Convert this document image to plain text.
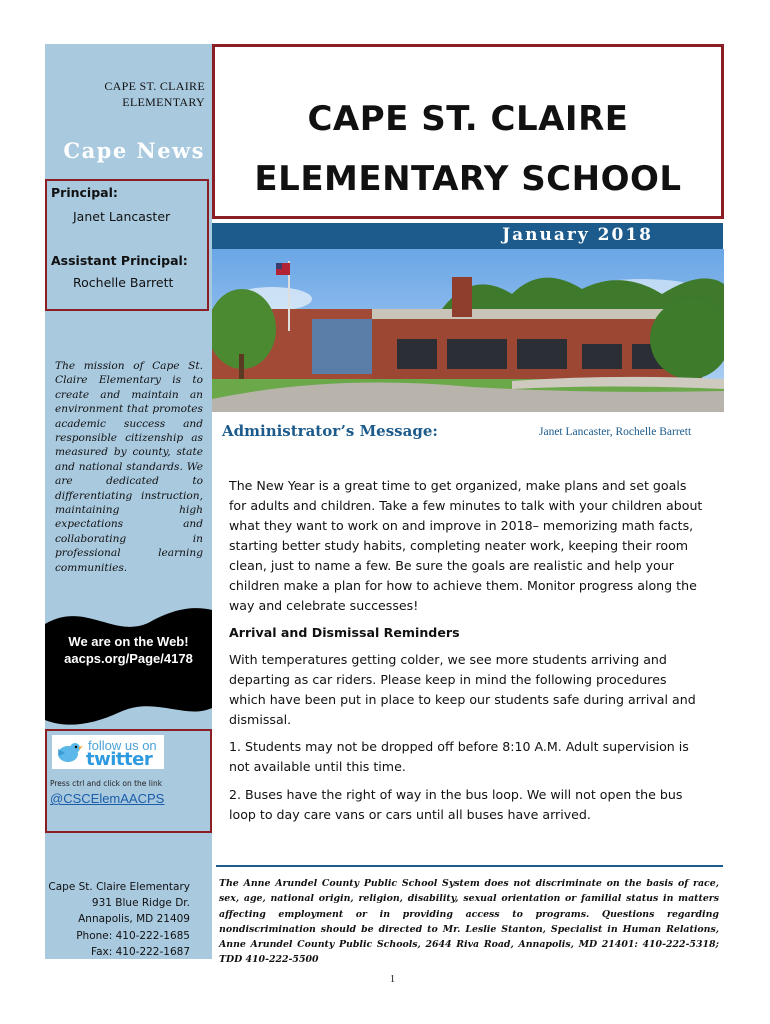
CAPE ST. CLAIRE
ELEMENTARY
Cape News
Principal:
Janet Lancaster
Assistant Principal:
Rochelle Barrett
The mission of Cape St. Claire Elementary is to create and maintain an environment that promotes academic success and responsible citizenship as measured by county, state and national standards. We are dedicated to differentiating instruction, maintaining high expectations and collaborating in professional learning communities.
We are on the Web!
aacps.org/Page/4178
follow us on
twitter
Press ctrl and click on the link
@CSCElemAACPS
Cape St. Claire Elementary
931 Blue Ridge Dr.
Annapolis, MD 21409
Phone: 410-222-1685
Fax: 410-222-1687
CAPE ST. CLAIRE
ELEMENTARY SCHOOL
January 2018
Administrator’s Message:	Janet Lancaster, Rochelle Barrett
The New Year is a great time to get organized, make plans and set goals for adults and children. Take a few minutes to talk with your children about what they want to work on and improve in 2018– memorizing math facts, starting better study habits, completing neater work, keeping their room clean, just to name a few. Be sure the goals are realistic and help your children make a plan for how to achieve them. Monitor progress along the way and celebrate successes!
Arrival and Dismissal Reminders
With temperatures getting colder, we see more students arriving and departing as car riders. Please keep in mind the following procedures which have been put in place to keep our students safe during arrival and dismissal.
1. Students may not be dropped off before 8:10 A.M. Adult supervision is not available until this time.
2. Buses have the right of way in the bus loop. We will not open the bus loop to day care vans or cars until all buses have arrived.
The Anne Arundel County Public School System does not discriminate on the basis of race, sex, age, national origin, religion, disability, sexual orientation or familial status in matters affecting employment or in providing access to programs. Questions regarding nondiscrimination should be directed to Mr. Leslie Stanton, Specialist in Human Relations, Anne Arundel County Public Schools, 2644 Riva Road, Annapolis, MD 21401: 410-222-5318; TDD 410-222-5500
1
